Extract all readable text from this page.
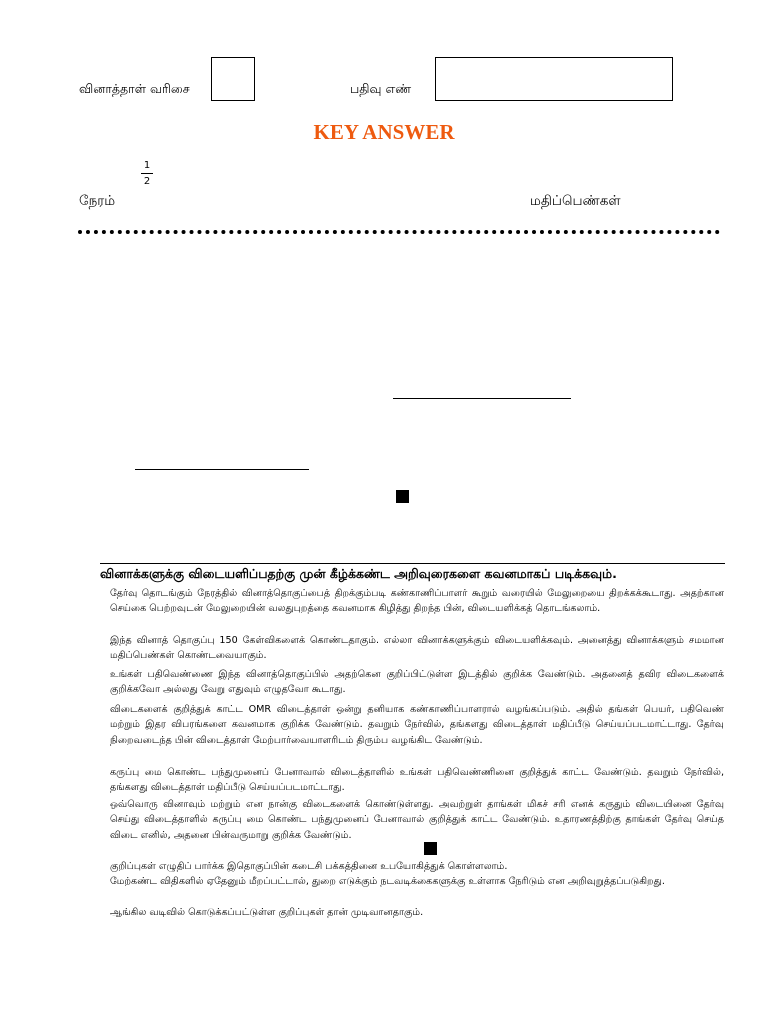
வினாத்தாள் வரிசை	பதிவு எண்
KEY ANSWER
1
2
நேரம்	மதிப்பெண்கள்
வினாக்களுக்கு விடையளிப்பதற்கு முன் கீழ்க்கண்ட அறிவுரைகளை கவனமாகப் படிக்கவும்.
தேர்வு தொடங்கும் நேரத்தில் வினாத்தொகுப்பைத் திறக்கும்படி கண்காணிப்பாளர் கூறும் வரையில் மேலுறையை திறக்கக்கூடாது. அதற்கான செய்கை பெற்றவுடன் மேலுறையின் வலதுபுறத்தை கவனமாக கிழித்து திறந்த பின், விடையளிக்கத் தொடங்கலாம்.
இந்த வினாத் தொகுப்பு 150 கேள்விகளைக் கொண்டதாகும். எல்லா வினாக்களுக்கும் விடையளிக்கவும். அனைத்து வினாக்களும் சமமான மதிப்பெண்கள் கொண்டவையாகும்.
உங்கள் பதிவெண்ணை இந்த வினாத்தொகுப்பில் அதற்கென குறிப்பிட்டுள்ள இடத்தில் குறிக்க வேண்டும். அதனைத் தவிர விடைகளைக் குறிக்கவோ அல்லது வேறு எதுவும் எழுதவோ கூடாது.
விடைகளைக் குறித்துக் காட்ட OMR விடைத்தாள் ஒன்று தனியாக கண்காணிப்பாளரால் வழங்கப்படும். அதில் தங்கள் பெயர், பதிவெண் மற்றும் இதர விபரங்களை கவனமாக குறிக்க வேண்டும். தவறும் நேர்வில், தங்களது விடைத்தாள் மதிப்பீடு செய்யப்படமாட்டாது. தேர்வு நிறைவடைந்த பின் விடைத்தாள் மேற்பார்வையாளரிடம் திரும்ப வழங்கிட வேண்டும்.
கருப்பு மை கொண்ட பந்துமுனைப் பேனாவால் விடைத்தாளில் உங்கள் பதிவெண்ணினை குறித்துக் காட்ட வேண்டும். தவறும் நேர்வில், தங்களது விடைத்தாள் மதிப்பீடு செய்யப்படமாட்டாது.
ஒவ்வொரு வினாவும் மற்றும் என நான்கு விடைகளைக் கொண்டுள்ளது. அவற்றுள் தாங்கள் மிகச் சரி எனக் கருதும் விடையினை தேர்வு செய்து விடைத்தாளில் கருப்பு மை கொண்ட பந்துமுனைப் பேனாவால் குறித்துக் காட்ட வேண்டும். உதாரணத்திற்கு தாங்கள் தேர்வு செய்த விடை எனில், அதனை பின்வருமாறு குறிக்க வேண்டும்.
குறிப்புகள் எழுதிப் பார்க்க இதொகுப்பின் கடைசி பக்கத்தினை உபயோகித்துக் கொள்ளலாம்.
மேற்கண்ட விதிகளில் ஏதேனும் மீறப்பட்டால், துறை எடுக்கும் நடவடிக்கைகளுக்கு உள்ளாக நேரிடும் என அறிவுறுத்தப்படுகிறது.
ஆங்கில வடிவில் கொடுக்கப்பட்டுள்ள குறிப்புகள் தான் முடிவானதாகும்.
